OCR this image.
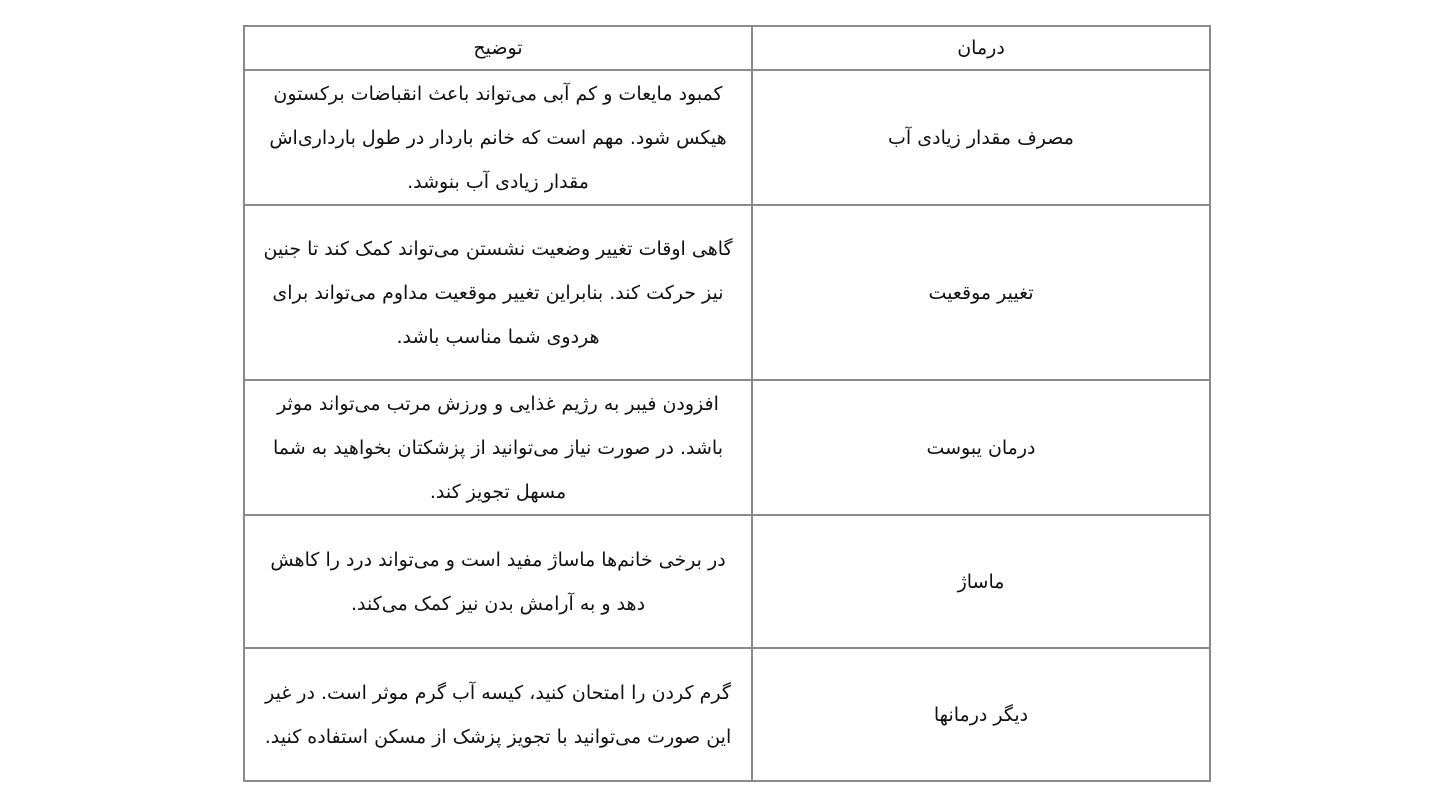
درمان	توضیح
مصرف مقدار زیادی آب	کمبود مایعات و کم آبی می‌تواند باعث انقباضات برکستون هیکس شود. مهم است که خانم باردار در طول بارداری‌اش مقدار زیادی آب بنوشد.
تغییر موقعیت	گاهی اوقات تغییر وضعیت نشستن می‌تواند کمک کند تا جنین نیز حرکت کند. بنابراین تغییر موقعیت مداوم می‌تواند برای هردوی شما مناسب باشد.
درمان یبوست	افزودن فیبر به رژیم غذایی و ورزش مرتب می‌تواند موثر باشد. در صورت نیاز می‌توانید از پزشکتان بخواهید به شما مسهل تجویز کند.
ماساژ	در برخی خانم‌ها ماساژ مفید است و می‌تواند درد را کاهش دهد و به آرامش بدن نیز کمک می‌کند.
دیگر درمانها	گرم کردن را امتحان کنید، کیسه آب گرم موثر است. در غیر این صورت می‌توانید با تجویز پزشک از مسکن استفاده کنید.
